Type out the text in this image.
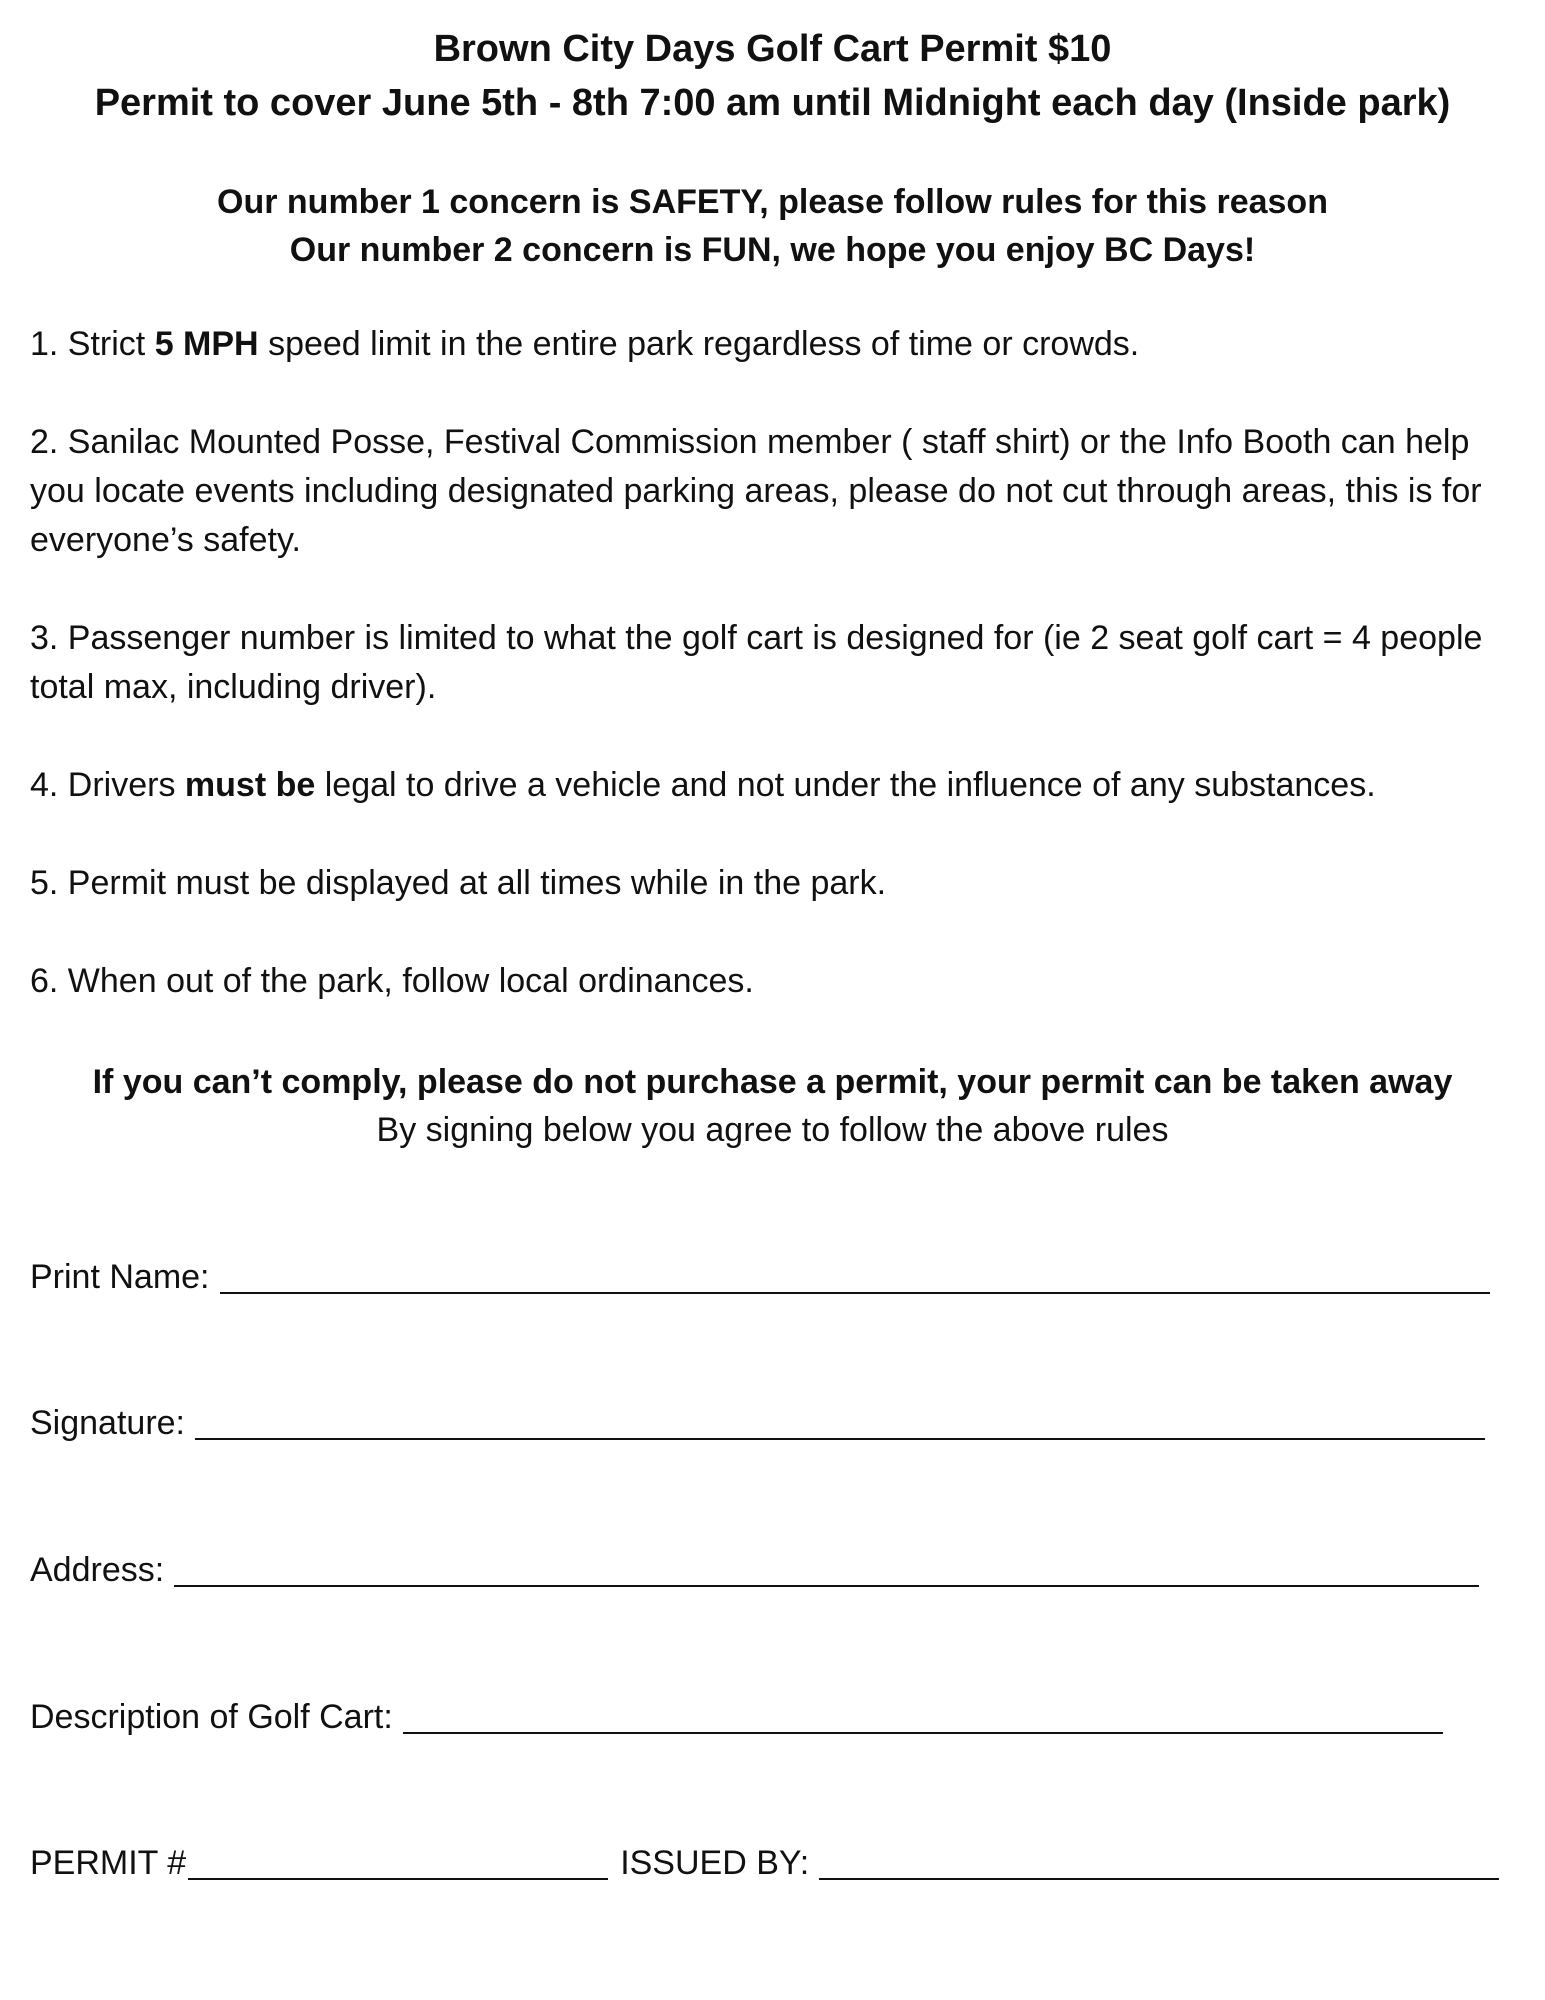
Brown City Days Golf Cart Permit $10

Permit to cover June 5th - 8th 7:00 am until Midnight each day (Inside park)

Our number 1 concern is SAFETY, please follow rules for this reason

Our number 2 concern is FUN, we hope you enjoy BC Days!

1. Strict 5 MPH speed limit in the entire park regardless of time or crowds.

2. Sanilac Mounted Posse, Festival Commission member ( staff shirt) or the Info Booth can help you locate events including designated parking areas, please do not cut through areas, this is for everyone’s safety.

3. Passenger number is limited to what the golf cart is designed for (ie 2 seat golf cart = 4 people total max, including driver).

4. Drivers must be legal to drive a vehicle and not under the influence of any substances.

5. Permit must be displayed at all times while in the park.

6. When out of the park, follow local ordinances.

If you can’t comply, please do not purchase a permit, your permit can be taken away

By signing below you agree to follow the above rules

Print Name:
Signature:
Address:
Description of Golf Cart:
PERMIT #	ISSUED BY:
